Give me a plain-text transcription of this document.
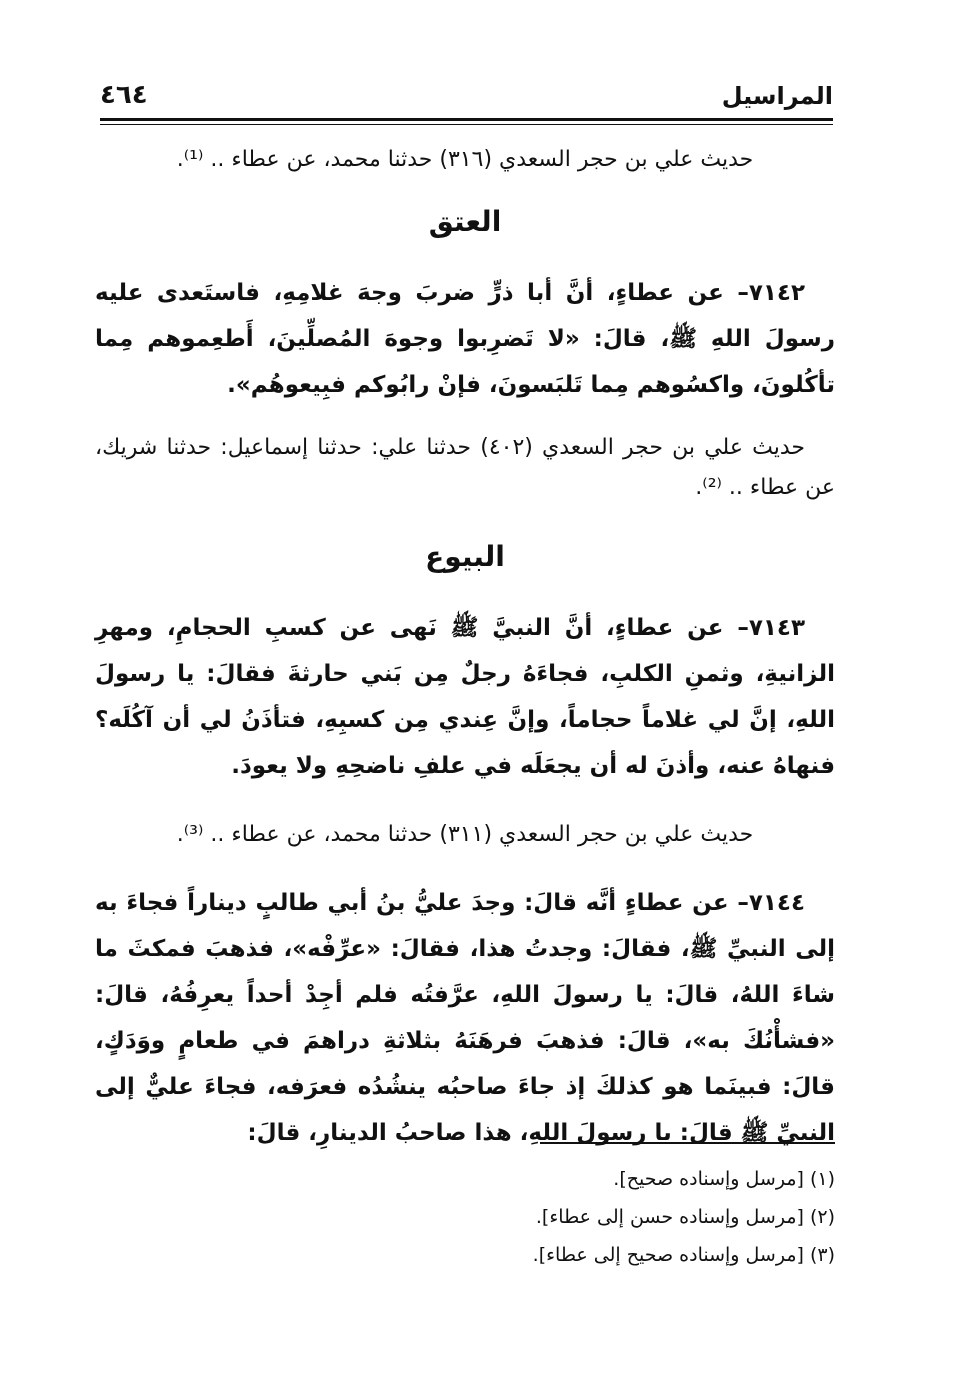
المراسيل
٤٦٤
حديث علي بن حجر السعدي (٣١٦) حدثنا محمد، عن عطاء .. ⁽¹⁾.
العتق
٧١٤٢– عن عطاءٍ، أنَّ أبا ذرٍّ ضربَ وجهَ غلامِهِ، فاستَعدى عليه رسولَ اللهِ ﷺ، قالَ: «لا تَضرِبوا وجوهَ المُصلِّينَ، أَطعِموهم مِما تأكُلونَ، واكسُوهم مِما تَلبَسونَ، فإنْ رابُوكم فبِيعوهُم».
حديث علي بن حجر السعدي (٤٠٢) حدثنا علي: حدثنا إسماعيل: حدثنا شريك، عن عطاء .. ⁽²⁾.
البيوع
٧١٤٣– عن عطاءٍ، أنَّ النبيَّ ﷺ نَهى عن كسبِ الحجامِ، ومهرِ الزانيةِ، وثمنِ الكلبِ، فجاءَهُ رجلٌ مِن بَني حارثةَ فقالَ: يا رسولَ اللهِ، إنَّ لي غلاماً حجاماً، وإنَّ عِندي مِن كسبِهِ، فتأذَنُ لي أن آكُلَه؟ فنهاهُ عنه، وأذنَ له أن يجعَلَه في علفِ ناضحِهِ ولا يعودَ.
حديث علي بن حجر السعدي (٣١١) حدثنا محمد، عن عطاء .. ⁽³⁾.
٧١٤٤– عن عطاءٍ أنَّه قالَ: وجدَ عليُّ بنُ أبي طالبٍ ديناراً فجاءَ به إلى النبيِّ ﷺ، فقالَ: وجدتُ هذا، فقالَ: «عرِّفْه»، فذهبَ فمكثَ ما شاءَ اللهُ، قالَ: يا رسولَ اللهِ، عرَّفتُه فلم أجِدْ أحداً يعرِفُهُ، قالَ: «فشأْنُكَ به»، قالَ: فذهبَ فرهَنَهُ بثلاثةِ دراهمَ في طعامٍ ووَدَكٍ، قالَ: فبينَما هو كذلكَ إذ جاءَ صاحبُه ينشُدُه فعرَفه، فجاءَ عليٌّ إلى النبيِّ ﷺ قالَ: يا رسولَ اللهِ، هذا صاحبُ الدينارِ، قالَ:
(١) [مرسل وإسناده صحيح].
(٢) [مرسل وإسناده حسن إلى عطاء].
(٣) [مرسل وإسناده صحيح إلى عطاء].
